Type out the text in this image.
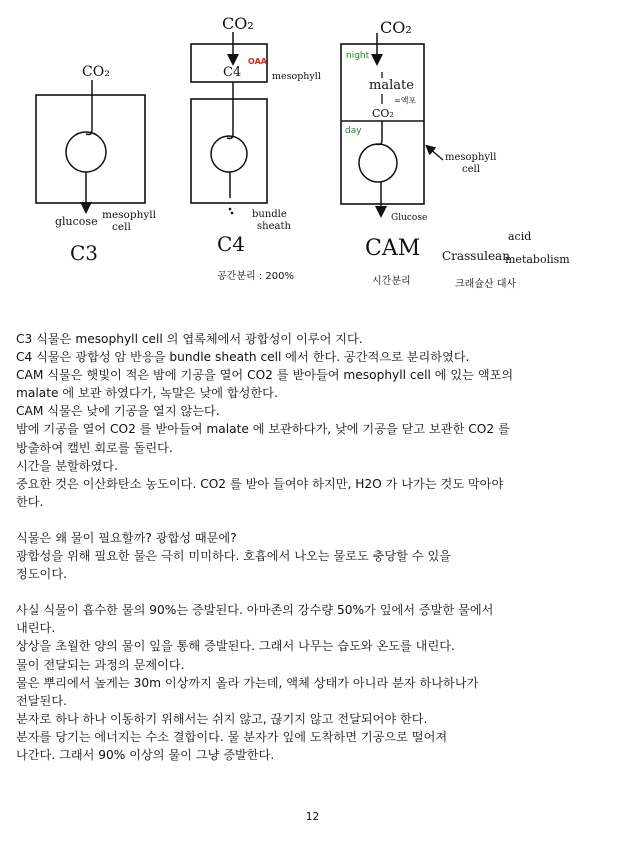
CO₂
glucose mesophyll
cell
C3
CO₂
C4
OAA
mesophyll
bundle
sheath
C4
공간분리 : 200%
CO₂
night
malate
=액포
CO₂
day
Glucose
mesophyll
cell
CAM
시간분리
acid
Crassulean
metabolism
크래슐산 대사

C3 식물은 mesophyll cell 의 엽록체에서 광합성이 이루어 지다.

C4 식물은 광합성 암 반응을 bundle sheath cell 에서 한다. 공간적으로 분리하였다.

CAM 식물은 햇빛이 적은 밤에 기공을 열어 CO2 를 받아들여 mesophyll cell 에 있는 액포의

malate 에 보관 하였다가, 녹말은 낮에 합성한다.

CAM 식물은 낮에 기공을 열지 않는다.

밤에 기공을 열어 CO2 를 받아들여 malate 에 보관하다가, 낮에 기공을 닫고 보관한 CO2 를

방출하여 캘빈 회로를 돌린다.

시간을 분할하였다.

중요한 것은 이산화탄소 농도이다. CO2 를 받아 들여야 하지만, H2O 가 나가는 것도 막아야

한다.

식물은 왜 물이 필요할까? 광합성 때문에?

광합성을 위해 필요한 물은 극히 미미하다. 호흡에서 나오는 물로도 충당할 수 있을

정도이다.

사실 식물이 흡수한 물의 90%는 증발된다. 아마존의 강수량 50%가 잎에서 증발한 물에서

내린다.

상상을 초월한 양의 물이 잎을 통해 증발된다. 그래서 나무는 습도와 온도를 내린다.

물이 전달되는 과정의 문제이다.

물은 뿌리에서 높게는 30m 이상까지 올라 가는데, 액체 상태가 아니라 분자 하나하나가

전달된다.

분자로 하나 하나 이동하기 위해서는 쉬지 않고, 끊기지 않고 전달되어야 한다.

분자를 당기는 에너지는 수소 결합이다. 물 분자가 잎에 도착하면 기공으로 떨어져

나간다. 그래서 90% 이상의 물이 그냥 증발한다.

12
